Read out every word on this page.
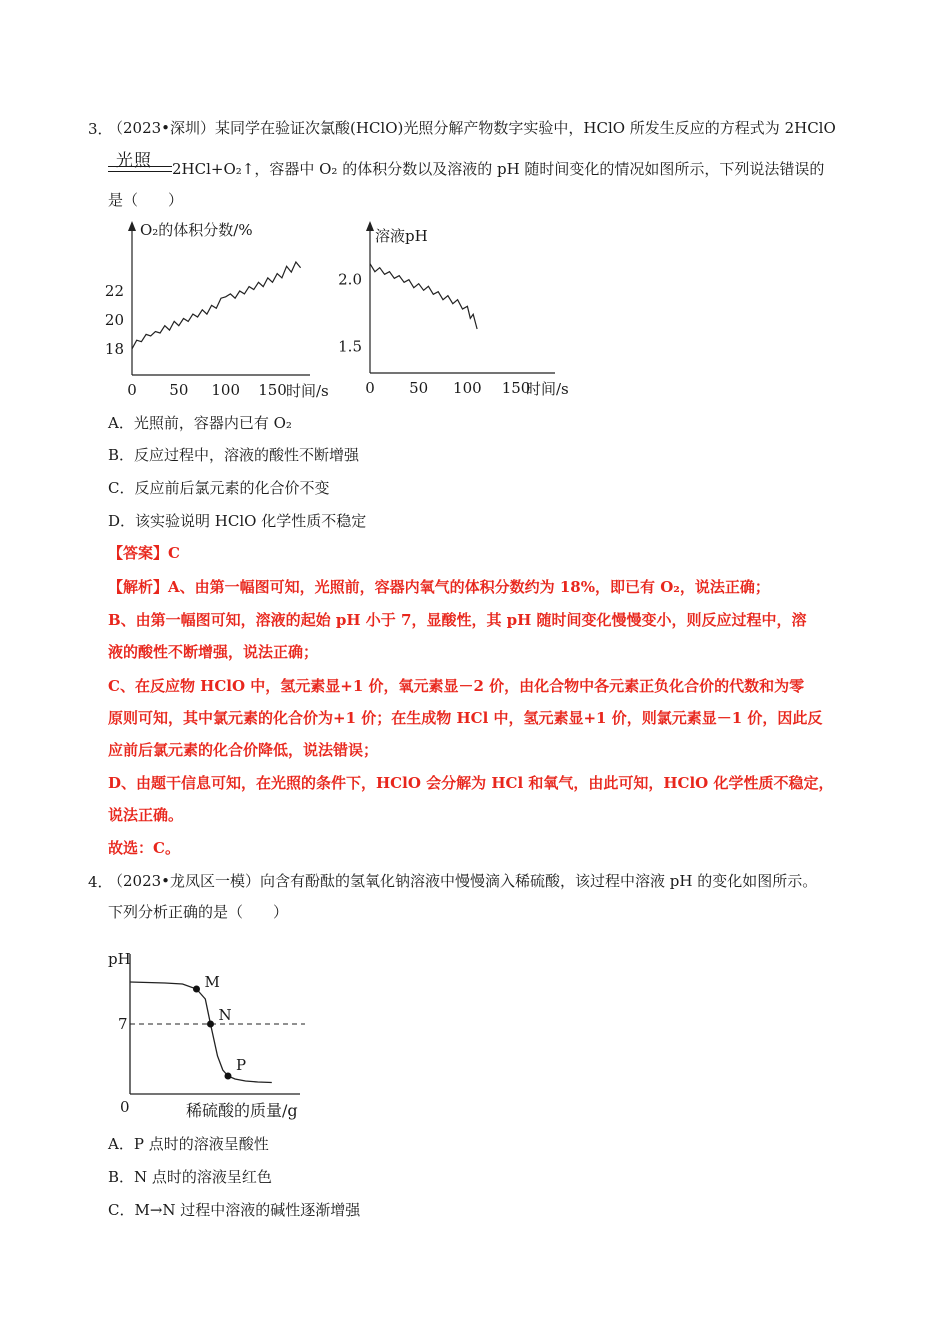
3．
（2023•深圳）某同学在验证次氯酸(HClO)光照分解产物数字实验中，HClO 所发生反应的方程式为 2HClO
光照 2HCl+O₂↑，容器中 O₂ 的体积分数以及溶液的 pH 随时间变化的情况如图所示，下列说法错误的
是（　　）
0 50 100 150
18
20
22
O₂的体积分数/%
时间/s 0 50 100 150
1.5
2.0
溶液pH
时间/s
A．光照前，容器内已有 O₂
B．反应过程中，溶液的酸性不断增强
C．反应前后氯元素的化合价不变
D．该实验说明 HClO 化学性质不稳定
【答案】C
【解析】A、由第一幅图可知，光照前，容器内氧气的体积分数约为 18%，即已有 O₂，说法正确；
B、由第一幅图可知，溶液的起始 pH 小于 7，显酸性，其 pH 随时间变化慢慢变小，则反应过程中，溶
液的酸性不断增强，说法正确；
C、在反应物 HClO 中，氢元素显+1 价，氧元素显－2 价，由化合物中各元素正负化合价的代数和为零
原则可知，其中氯元素的化合价为+1 价；在生成物 HCl 中，氢元素显+1 价，则氯元素显－1 价，因此反
应前后氯元素的化合价降低，说法错误；
D、由题干信息可知，在光照的条件下，HClO 会分解为 HCl 和氧气，由此可知，HClO 化学性质不稳定，
说法正确。
故选：C。
4．
（2023•龙凤区一模）向含有酚酞的氢氧化钠溶液中慢慢滴入稀硫酸，该过程中溶液 pH 的变化如图所示。
下列分析正确的是（　　）
M
N
P
pH
7
0	稀硫酸的质量/g
A．P 点时的溶液呈酸性
B．N 点时的溶液呈红色
C．M→N 过程中溶液的碱性逐渐增强
